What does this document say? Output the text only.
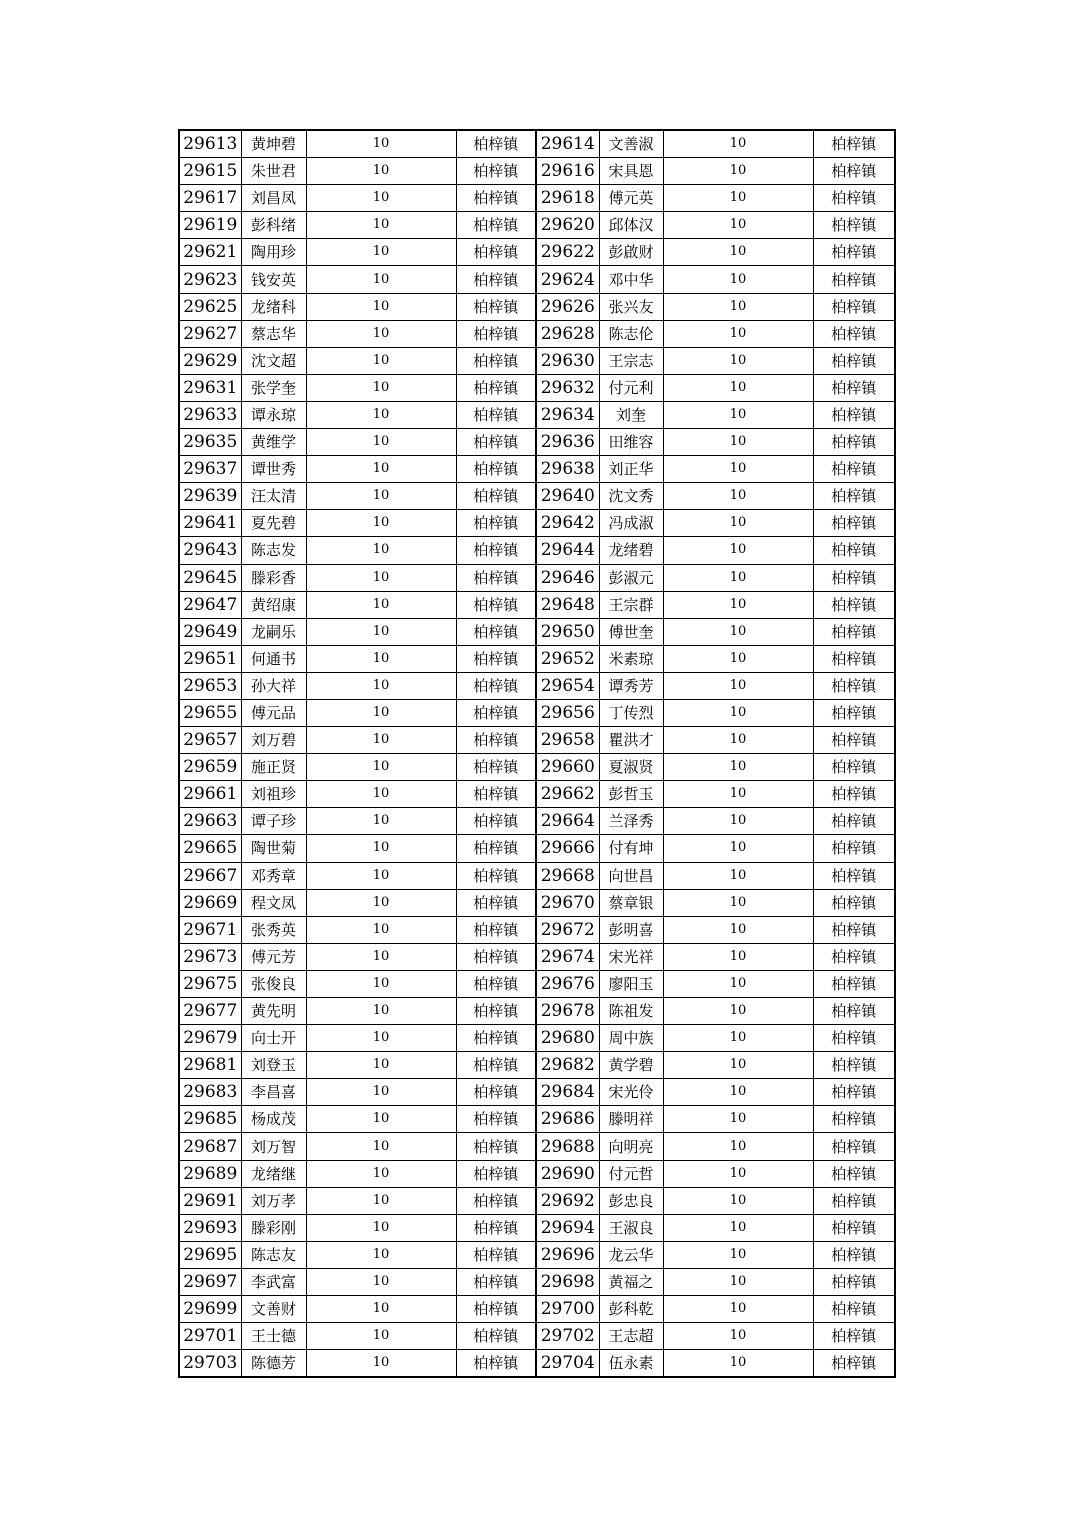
29613	黄坤碧	10	柏梓镇	29614	文善淑	10	柏梓镇
29615	朱世君	10	柏梓镇	29616	宋具恩	10	柏梓镇
29617	刘昌凤	10	柏梓镇	29618	傅元英	10	柏梓镇
29619	彭科绪	10	柏梓镇	29620	邱体汉	10	柏梓镇
29621	陶用珍	10	柏梓镇	29622	彭啟财	10	柏梓镇
29623	钱安英	10	柏梓镇	29624	邓中华	10	柏梓镇
29625	龙绪科	10	柏梓镇	29626	张兴友	10	柏梓镇
29627	蔡志华	10	柏梓镇	29628	陈志伦	10	柏梓镇
29629	沈文超	10	柏梓镇	29630	王宗志	10	柏梓镇
29631	张学奎	10	柏梓镇	29632	付元利	10	柏梓镇
29633	谭永琼	10	柏梓镇	29634	刘奎	10	柏梓镇
29635	黄维学	10	柏梓镇	29636	田维容	10	柏梓镇
29637	谭世秀	10	柏梓镇	29638	刘正华	10	柏梓镇
29639	汪太清	10	柏梓镇	29640	沈文秀	10	柏梓镇
29641	夏先碧	10	柏梓镇	29642	冯成淑	10	柏梓镇
29643	陈志发	10	柏梓镇	29644	龙绪碧	10	柏梓镇
29645	滕彩香	10	柏梓镇	29646	彭淑元	10	柏梓镇
29647	黄绍康	10	柏梓镇	29648	王宗群	10	柏梓镇
29649	龙嗣乐	10	柏梓镇	29650	傅世奎	10	柏梓镇
29651	何通书	10	柏梓镇	29652	米素琼	10	柏梓镇
29653	孙大祥	10	柏梓镇	29654	谭秀芳	10	柏梓镇
29655	傅元品	10	柏梓镇	29656	丁传烈	10	柏梓镇
29657	刘万碧	10	柏梓镇	29658	瞿洪才	10	柏梓镇
29659	施正贤	10	柏梓镇	29660	夏淑贤	10	柏梓镇
29661	刘祖珍	10	柏梓镇	29662	彭哲玉	10	柏梓镇
29663	谭子珍	10	柏梓镇	29664	兰泽秀	10	柏梓镇
29665	陶世菊	10	柏梓镇	29666	付有坤	10	柏梓镇
29667	邓秀章	10	柏梓镇	29668	向世昌	10	柏梓镇
29669	程文凤	10	柏梓镇	29670	蔡章银	10	柏梓镇
29671	张秀英	10	柏梓镇	29672	彭明喜	10	柏梓镇
29673	傅元芳	10	柏梓镇	29674	宋光祥	10	柏梓镇
29675	张俊良	10	柏梓镇	29676	廖阳玉	10	柏梓镇
29677	黄先明	10	柏梓镇	29678	陈祖发	10	柏梓镇
29679	向士开	10	柏梓镇	29680	周中族	10	柏梓镇
29681	刘登玉	10	柏梓镇	29682	黄学碧	10	柏梓镇
29683	李昌喜	10	柏梓镇	29684	宋光伶	10	柏梓镇
29685	杨成茂	10	柏梓镇	29686	滕明祥	10	柏梓镇
29687	刘万智	10	柏梓镇	29688	向明亮	10	柏梓镇
29689	龙绪继	10	柏梓镇	29690	付元哲	10	柏梓镇
29691	刘万孝	10	柏梓镇	29692	彭忠良	10	柏梓镇
29693	滕彩刚	10	柏梓镇	29694	王淑良	10	柏梓镇
29695	陈志友	10	柏梓镇	29696	龙云华	10	柏梓镇
29697	李武富	10	柏梓镇	29698	黄福之	10	柏梓镇
29699	文善财	10	柏梓镇	29700	彭科乾	10	柏梓镇
29701	王士德	10	柏梓镇	29702	王志超	10	柏梓镇
29703	陈德芳	10	柏梓镇	29704	伍永素	10	柏梓镇
